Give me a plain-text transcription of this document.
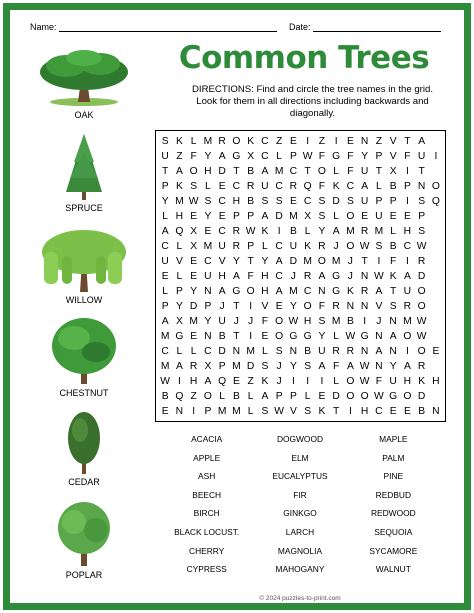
Name:	Date:
Common Trees
DIRECTIONS: Find and circle the tree names in the grid. Look for them in all directions including backwards and diagonally.
OAK
SPRUCE
WILLOW
CHESTNUT
CEDAR
POPLAR
S K L M R O K C Z E I Z I E N Z V T A
U Z F Y A G X C L P W F G F Y P V F U I
T A O H D T B A M C T O L F U T X I T
P K S L E C R U C R Q F K C A L B P N O
Y M W S C H B S S E C S D S U P P I S Q
L H E Y E P P A D M X S L O E U E E P
A Q X E C R W K I B L Y A M R M L H S
C L X M U R P L C U K R J O W S B C W
U V E C V Y T Y A D M O M J T I F I R
E L E U H A F H C J R A G J N W K A D
L P Y N A G O H A M C N G K R A T U O
P Y D P J T I V E Y O F R N N V S R O
A X M Y U J J F O W H S M B I J N M W
M G E N B T I E O G G Y L W G N A O W
C L L C D N M L S N B U R R N A N I O E
M A R X P M D S J Y S A F A W N Y A R
W I H A Q E Z K J I	I	I L O W F U H K H
B Q Z O L B L A P P L E D O O W G O D
E N I P M M L S W V S K T I H C E E B N
ACACIA	DOGWOOD	MAPLE
APPLE	ELM	PALM
ASH	EUCALYPTUS	PINE
BEECH	FIR	REDBUD
BIRCH	GINKGO	REDWOOD
BLACK LOCUST.	LARCH	SEQUOIA
CHERRY	MAGNOLIA	SYCAMORE
CYPRESS	MAHOGANY	WALNUT
© 2024 puzzles-to-print.com
